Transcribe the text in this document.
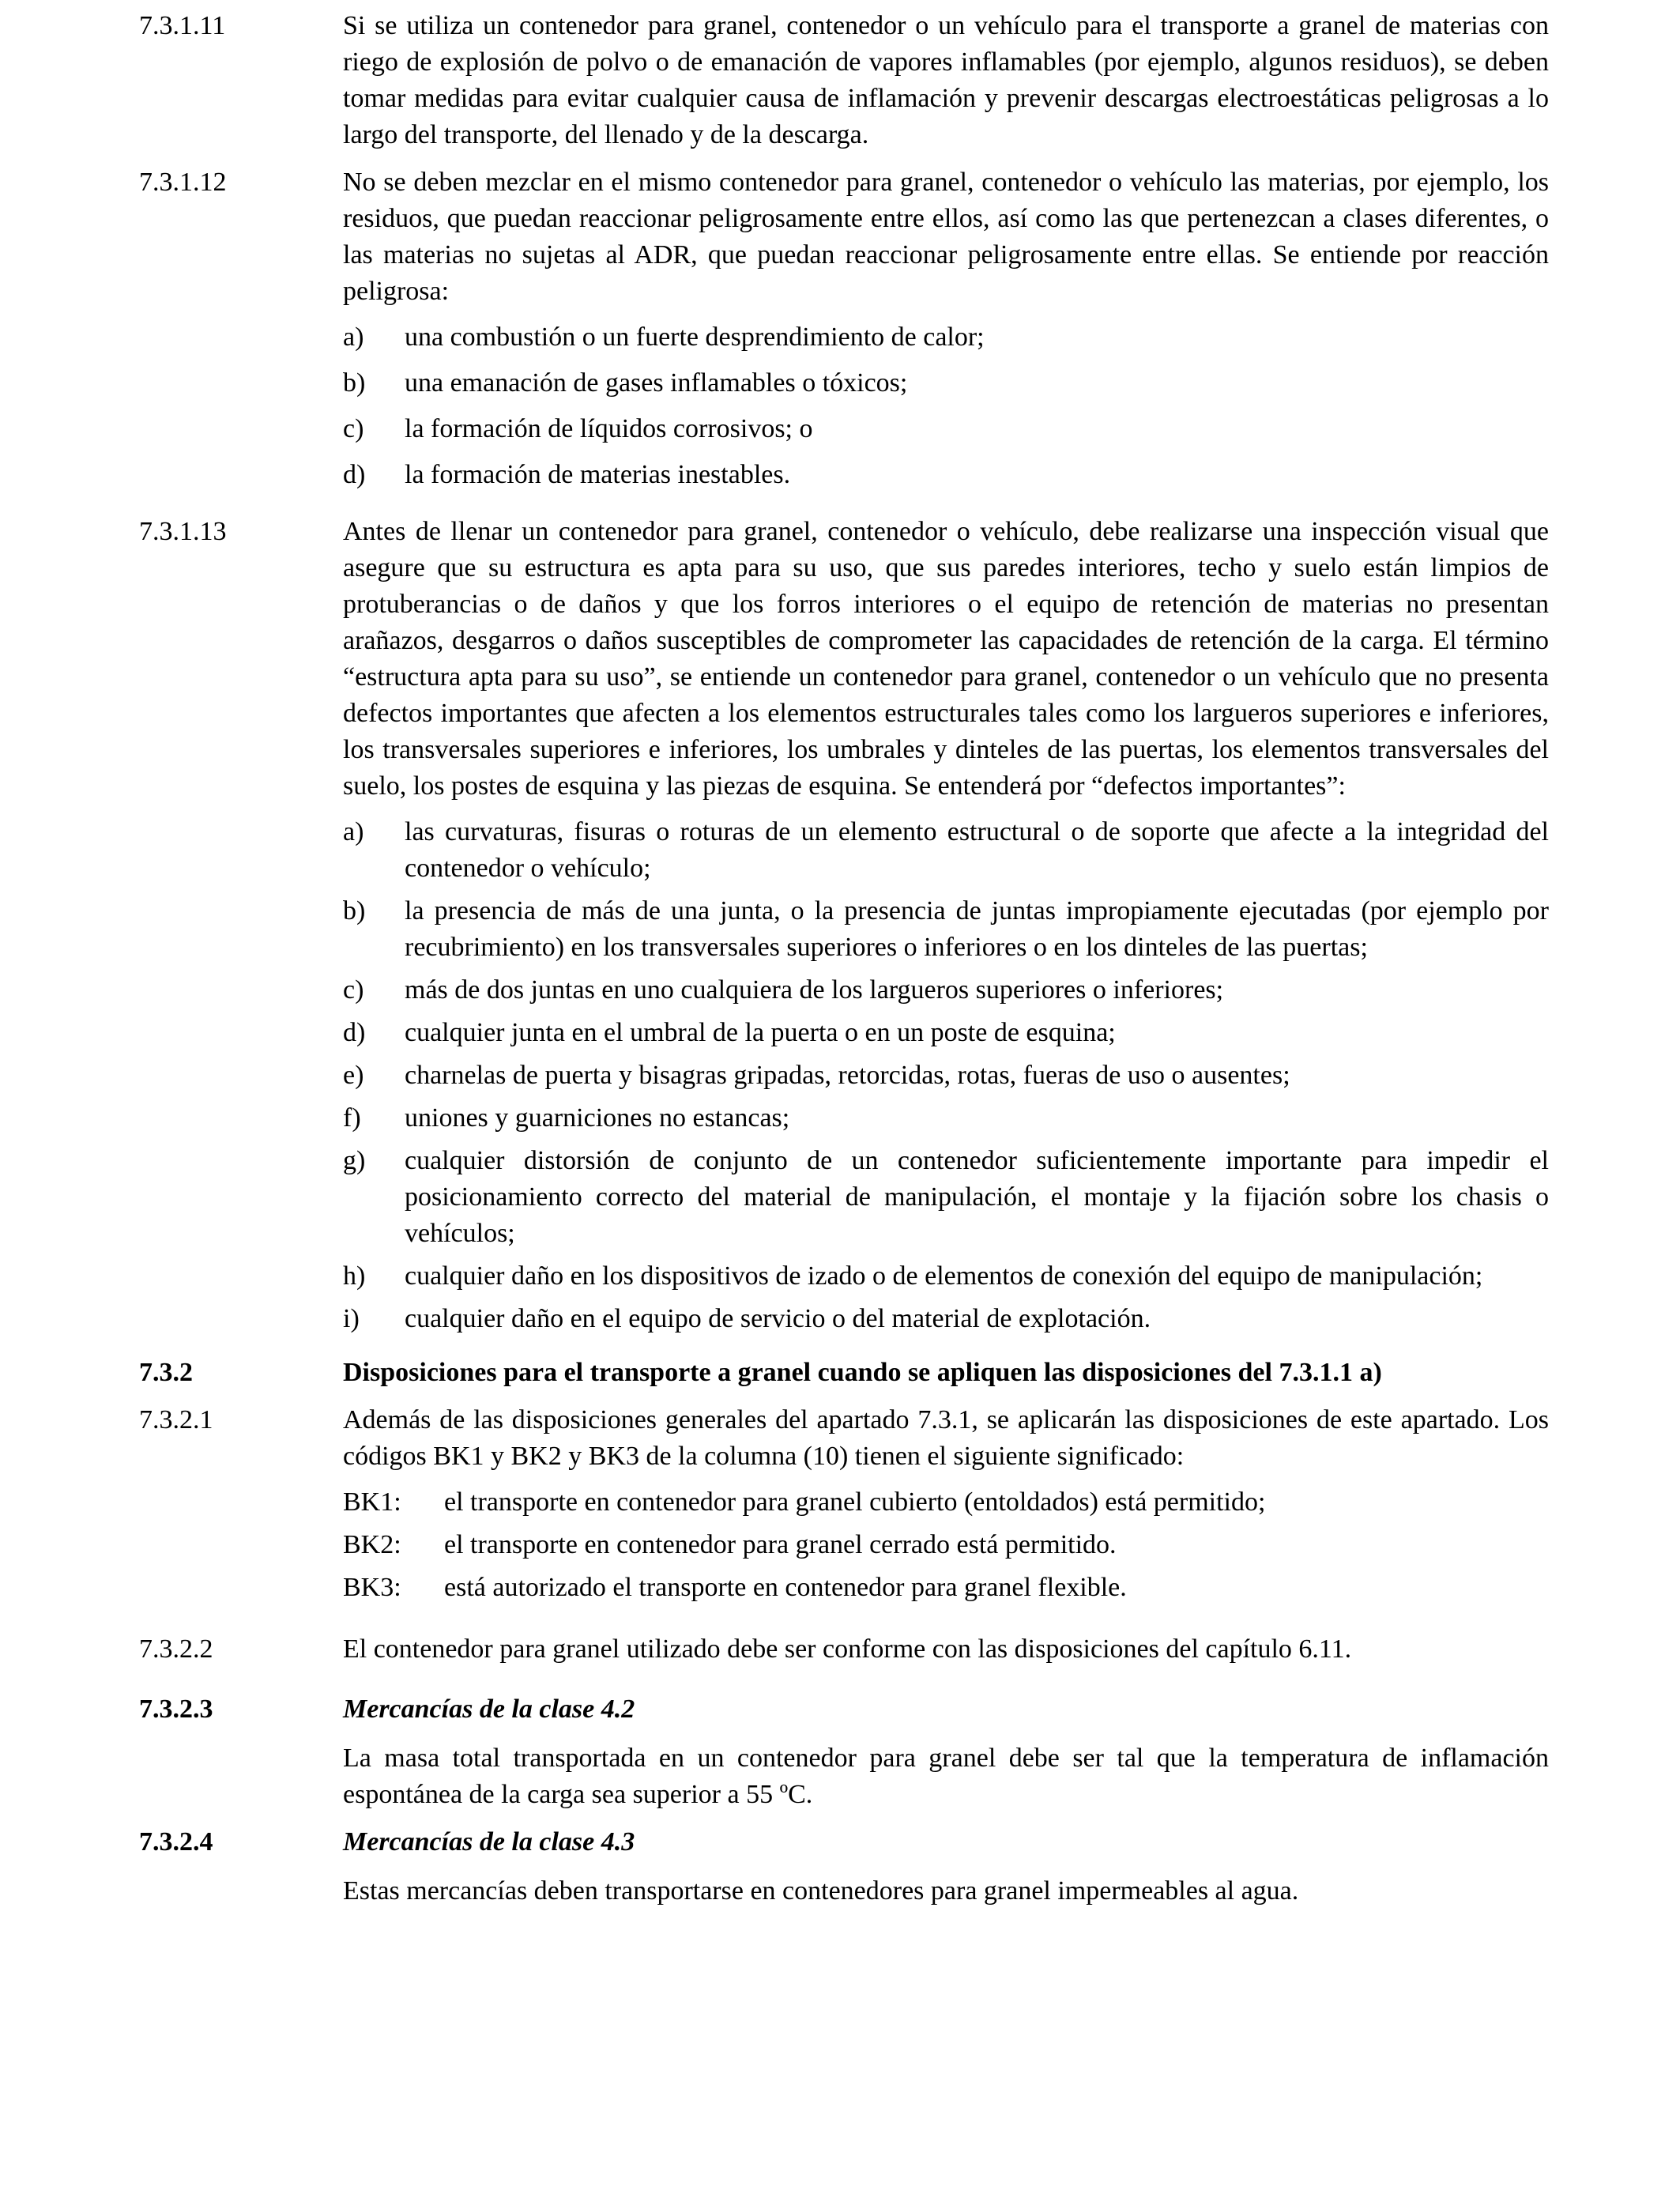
7.3.1.11	Si se utiliza un contenedor para granel, contenedor o un vehículo para el transporte a granel de materias con riego de explosión de polvo o de emanación de vapores inflamables (por ejemplo, algunos residuos), se deben tomar medidas para evitar cualquier causa de inflamación y prevenir descargas electroestáticas peligrosas a lo largo del transporte, del llenado y de la descarga.

7.3.1.12	No se deben mezclar en el mismo contenedor para granel, contenedor o vehículo las materias, por ejemplo, los residuos, que puedan reaccionar peligrosamente entre ellos, así como las que pertenezcan a clases diferentes, o las materias no sujetas al ADR, que puedan reaccionar peligrosamente entre ellas. Se entiende por reacción peligrosa:

a)	una combustión o un fuerte desprendimiento de calor;
b)	una emanación de gases inflamables o tóxicos;
c)	la formación de líquidos corrosivos; o
d)	la formación de materias inestables.
7.3.1.13	Antes de llenar un contenedor para granel, contenedor o vehículo, debe realizarse una inspección visual que asegure que su estructura es apta para su uso, que sus paredes interiores, techo y suelo están limpios de protuberancias o de daños y que los forros interiores o el equipo de retención de materias no presentan arañazos, desgarros o daños susceptibles de comprometer las capacidades de retención de la carga. El término “estructura apta para su uso”, se entiende un contenedor para granel, contenedor o un vehículo que no presenta defectos importantes que afecten a los elementos estructurales tales como los largueros superiores e inferiores, los transversales superiores e inferiores, los umbrales y dinteles de las puertas, los elementos transversales del suelo, los postes de esquina y las piezas de esquina. Se entenderá por “defectos importantes”:

a)	las curvaturas, fisuras o roturas de un elemento estructural o de soporte que afecte a la integridad del contenedor o vehículo;
b)	la presencia de más de una junta, o la presencia de juntas impropiamente ejecutadas (por ejemplo por recubrimiento) en los transversales superiores o inferiores o en los dinteles de las puertas;
c)	más de dos juntas en uno cualquiera de los largueros superiores o inferiores;
d)	cualquier junta en el umbral de la puerta o en un poste de esquina;
e)	charnelas de puerta y bisagras gripadas, retorcidas, rotas, fueras de uso o ausentes;
f)	uniones y guarniciones no estancas;
g)	cualquier distorsión de conjunto de un contenedor suficientemente importante para impedir el posicionamiento correcto del material de manipulación, el montaje y la fijación sobre los chasis o vehículos;
h)	cualquier daño en los dispositivos de izado o de elementos de conexión del equipo de manipulación;
i)	cualquier daño en el equipo de servicio o del material de explotación.
7.3.2	Disposiciones para el transporte a granel cuando se apliquen las disposiciones del 7.3.1.1 a)

7.3.2.1	Además de las disposiciones generales del apartado 7.3.1, se aplicarán las disposiciones de este apartado. Los códigos BK1 y BK2 y BK3 de la columna (10) tienen el siguiente significado:

BK1:	el transporte en contenedor para granel cubierto (entoldados) está permitido;
BK2:	el transporte en contenedor para granel cerrado está permitido.
BK3:	está autorizado el transporte en contenedor para granel flexible.
7.3.2.2	El contenedor para granel utilizado debe ser conforme con las disposiciones del capítulo 6.11.

7.3.2.3	Mercancías de la clase 4.2

La masa total transportada en un contenedor para granel debe ser tal que la temperatura de inflamación espontánea de la carga sea superior a 55 ºC.

7.3.2.4	Mercancías de la clase 4.3

Estas mercancías deben transportarse en contenedores para granel impermeables al agua.
